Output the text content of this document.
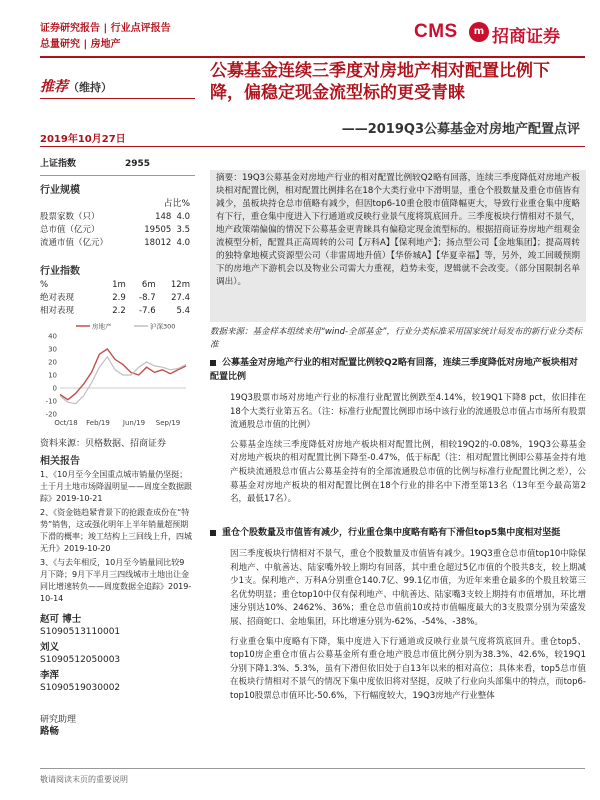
证券研究报告 | 行业点评报告
总量研究 | 房地产
CMS	m 招商证券
推荐（维持）
公募基金连续三季度对房地产相对配置比例下降，偏稳定现金流型标的更受青睐
——2019Q3公募基金对房地产配置点评
2019年10月27日
上证指数	2955
行业规模
占比%
股票家数（只）	148	4.0
总市值（亿元）	19505	3.5
流通市值（亿元）	18012	4.0
行业指数
%	1m	6m	12m
绝对表现	2.9	-8.7	27.4
相对表现	2.2	-7.6	5.4
40
30
20
10
0
-10
-20
Oct/18 Feb/19 Jun/19 Sep/19
房地产	沪深300
资料来源：贝格数据、招商证券
相关报告
1、《10月至今全国重点城市销量仍坚挺；土于月土地市场降温明显——周度全数据跟踪》2019-10-21
2、《资金链趋紧背景下的抢跟查成份在“特势”销售，这或强化明年上半年销量超预期下滑的概率；竣工结构上三回线上升，四城无升》2019-10-20
3、《与去年相反，10月至今销量同比较9月下降；9月下半月三四线城市土地出让金同比增速转负——周度数据全追踪》2019-10-14
赵可 博士
S1090513110001
刘义
S1090512050003
李浑
S1090519030002
研究助理
路畅
摘要：19Q3公募基金对房地产行业的相对配置比例较Q2略有回落，连续三季度降低对房地产板块相对配置比例，相对配置比例排名在18个大类行业中下滑明显，重仓个股数量及重仓市值皆有减少，虽板块持仓总市值略有减少，但因top6-10重仓股市值降幅更大，导致行业重仓集中度略有下行，重仓集中度进入下行通道或反映行业景气度将筑底回升。三季度板块行情相对不景气，地产政策端偏偏的情况下公募基金更青睐具有偏稳定现金流型标的。根据招商证券房地产组观金流模型分析，配置具正高周转的公司【万科A】【保利地产】；扬点型公司【金地集团】；提高周转的独特拿地模式资源型公司（非雷周地升值）【华侨城A】【华夏幸福】等，另外，竣工回暖预期下的房地产下游机会以及物业公司需大力重视，趋势未变，逻辑就不会改变。（部分国限制名单调出）。
数据来源：基金样本组续来用“wind-全部基金”，行业分类标准采用国家统计局发布的新行业分类标准
公募基金对房地产行业的相对配置比例较Q2略有回落，连续三季度降低对房地产板块相对配置比例
19Q3股票市场对房地产行业的标准行业配置比例跌至4.14%，较19Q1下降8 pct，依旧排在18个大类行业第五名。（注：标准行业配置比例即市场中该行业的流通股总市值占市场所有股票流通股总市值的比例）
公募基金连续三季度降低对房地产板块相对配置比例，相较19Q2的-0.08%，19Q3公募基金对房地产板块的相对配置比例下降至-0.47%，低于标配（注：相对配置比例即公募基金持有地产板块流通股总市值占公募基金持有的全部流通股总市值的比例与标准行业配置比例之差），公募基金对房地产板块的相对配置比例在18个行业的排名中下滑至第13名（13年至今最高第2名，最低17名）。
重仓个股数量及市值皆有减少，行业重仓集中度略有略有下滑但top5集中度相对坚挺
因三季度板块行情相对不景气，重仓个股数量及市值皆有减少。19Q3重仓总市值top10中除保利地产、中航善达、陆家嘴外较上期均有回落，其中重仓超过5亿市值的个股共8支，较上期减少1支。保利地产、万科A分别重仓140.7亿、99.1亿市值，为近年来重仓最多的个股且较第三名优势明显；重仓top10中仅有保利地产、中航善达、陆家嘴3支较上期持有市值增加，环比增速分别达10%、2462%、36%；重仓总市值前10或持市值幅度最大的3支股票分别为荣盛发展、招商蛇口、金地集团，环比增速分别为-62%、-54%、-38%。
行业重仓集中度略有下降，集中度进入下行通道或反映行业景气度将筑底回升。重仓top5、top10房企重仓市值占公募基金所有重仓地产股总市值比例分别为38.3%、42.6%，较19Q1分别下降1.3%、5.3%，虽有下滑但依旧处于自13年以来的相对高位；具体来看，top5总市值在板块行情相对不景气的情况下集中度依旧将对坚挺，反映了行业向头部集中的特点，而top6-top10股票总市值环比-50.6%，下行幅度较大，19Q3房地产行业整体
敬请阅读末页的重要说明
